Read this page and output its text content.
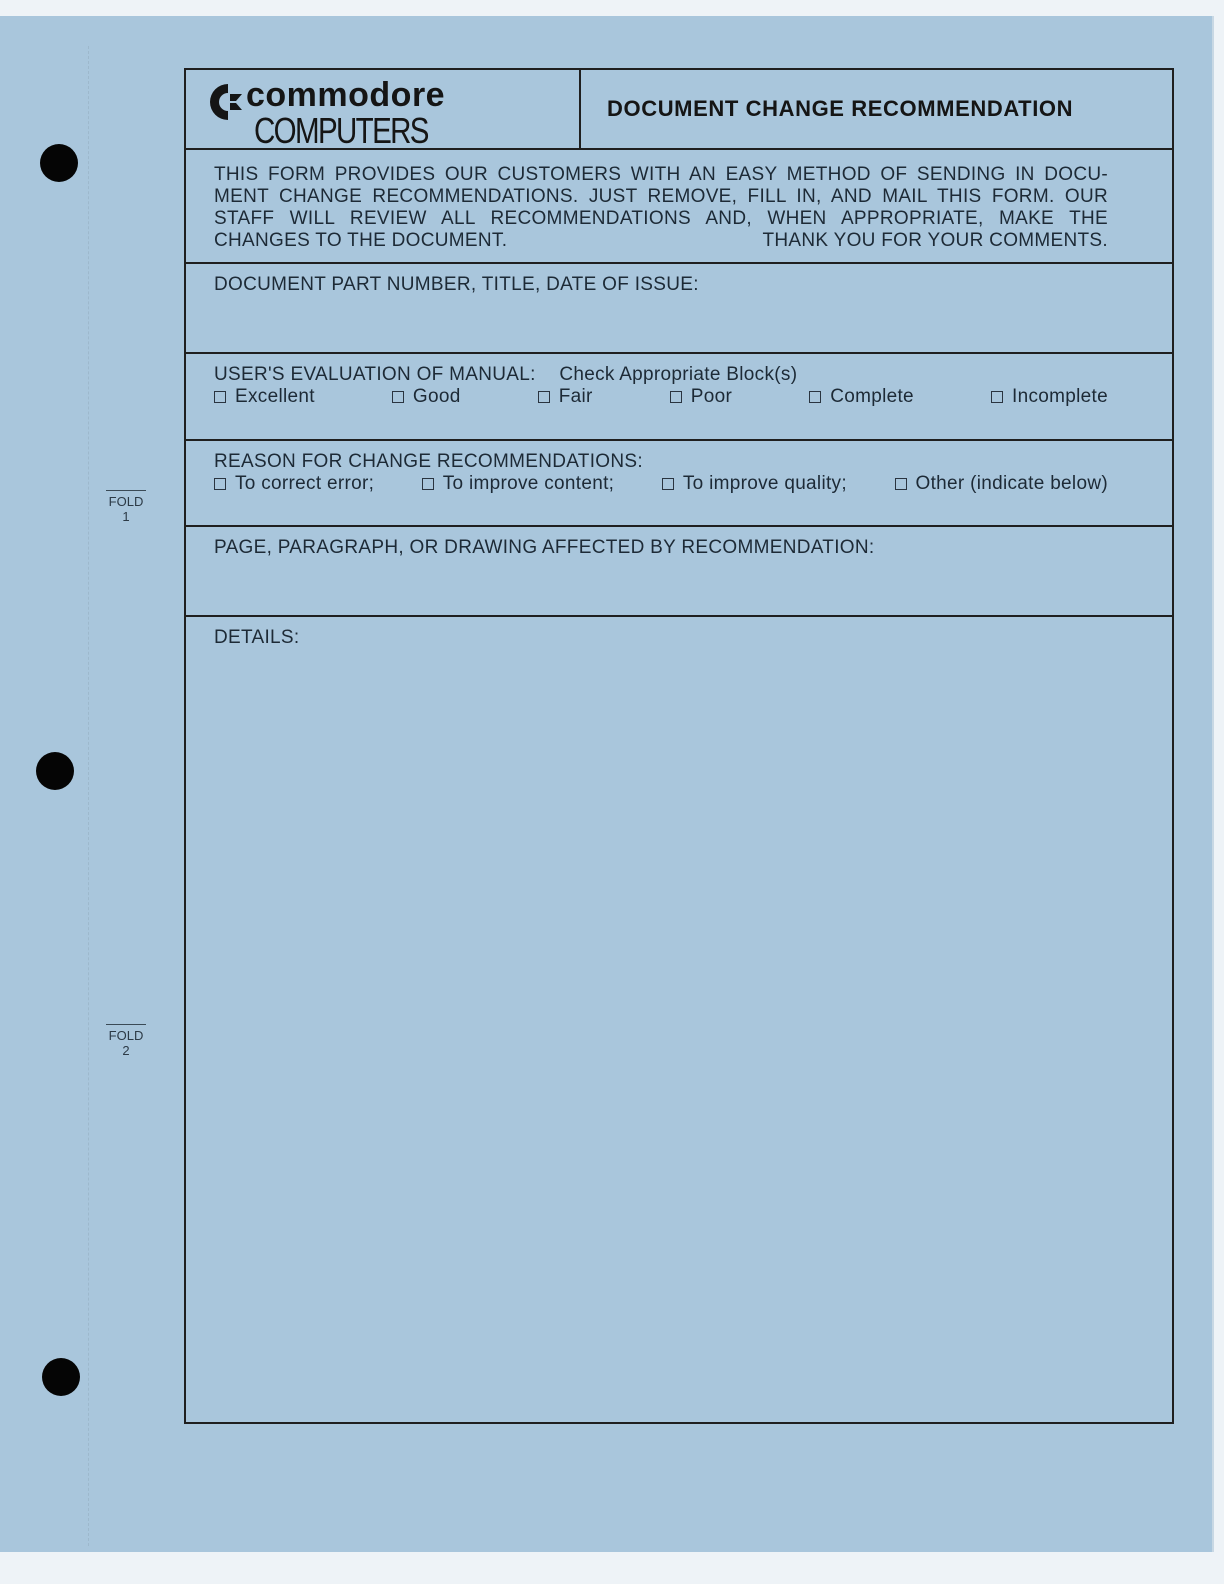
FOLD
1
FOLD
2
commodore
COMPUTERS
DOCUMENT CHANGE RECOMMENDATION

THIS FORM PROVIDES OUR CUSTOMERS WITH AN EASY METHOD OF SENDING IN DOCU-

MENT CHANGE RECOMMENDATIONS. JUST REMOVE, FILL IN, AND MAIL THIS FORM. OUR

STAFF WILL REVIEW ALL RECOMMENDATIONS AND, WHEN APPROPRIATE, MAKE THE

CHANGES TO THE DOCUMENT.	THANK YOU FOR YOUR COMMENTS.

DOCUMENT PART NUMBER, TITLE, DATE OF ISSUE:
USER'S EVALUATION OF MANUAL: Check Appropriate Block(s)
Excellent	Good	Fair	Poor	Complete	Incomplete
REASON FOR CHANGE RECOMMENDATIONS:
To correct error;	To improve content;	To improve quality;	Other (indicate below)
PAGE, PARAGRAPH, OR DRAWING AFFECTED BY RECOMMENDATION:
DETAILS:
